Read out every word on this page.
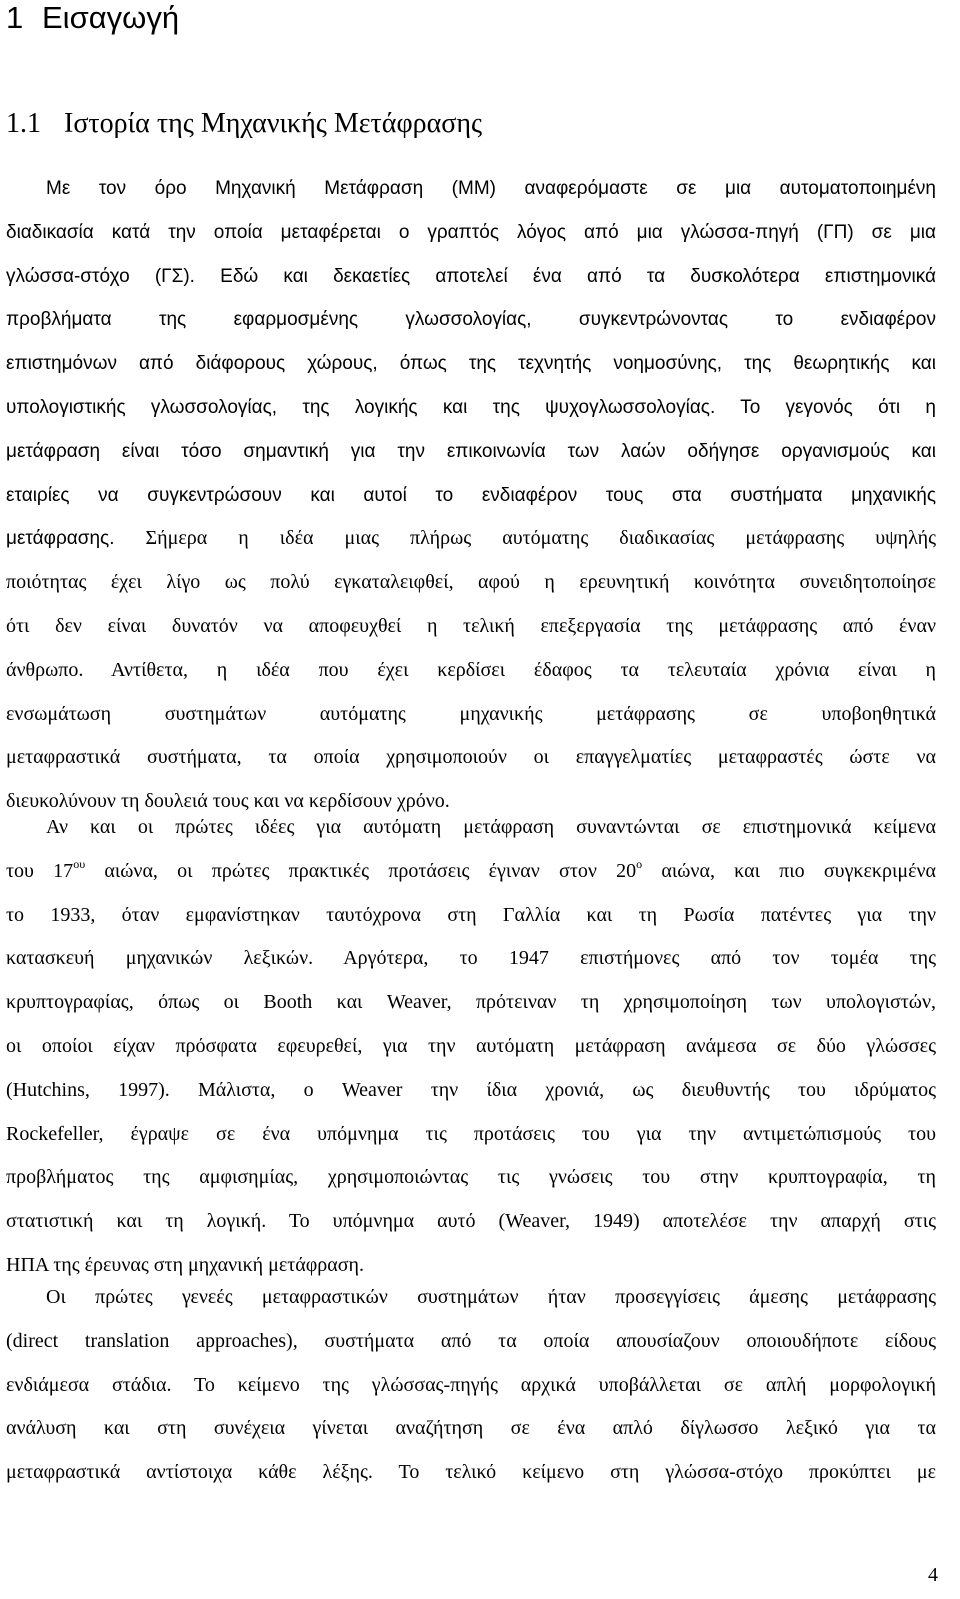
1 Εισαγωγή
1.1 Ιστορία της Μηχανικής Μετάφρασης
Με τον όρο Μηχανική Μετάφραση (ΜΜ) αναφερόμαστε σε μια αυτοματοποιημένη
διαδικασία κατά την οποία μεταφέρεται ο γραπτός λόγος από μια γλώσσα-πηγή (ΓΠ) σε μια
γλώσσα-στόχο (ΓΣ). Εδώ και δεκαετίες αποτελεί ένα από τα δυσκολότερα επιστημονικά
προβλήματα της εφαρμοσμένης γλωσσολογίας, συγκεντρώνοντας το ενδιαφέρον
επιστημόνων από διάφορους χώρους, όπως της τεχνητής νοημοσύνης, της θεωρητικής και
υπολογιστικής γλωσσολογίας, της λογικής και της ψυχογλωσσολογίας. Το γεγονός ότι η
μετάφραση είναι τόσο σημαντική για την επικοινωνία των λαών οδήγησε οργανισμούς και
εταιρίες να συγκεντρώσουν και αυτοί το ενδιαφέρον τους στα συστήματα μηχανικής
μετάφρασης. Σήμερα η ιδέα μιας πλήρως αυτόματης διαδικασίας μετάφρασης υψηλής
ποιότητας έχει λίγο ως πολύ εγκαταλειφθεί, αφού η ερευνητική κοινότητα συνειδητοποίησε
ότι δεν είναι δυνατόν να αποφευχθεί η τελική επεξεργασία της μετάφρασης από έναν
άνθρωπο. Αντίθετα, η ιδέα που έχει κερδίσει έδαφος τα τελευταία χρόνια είναι η
ενσωμάτωση συστημάτων αυτόματης μηχανικής μετάφρασης σε υποβοηθητικά
μεταφραστικά συστήματα, τα οποία χρησιμοποιούν οι επαγγελματίες μεταφραστές ώστε να
διευκολύνουν τη δουλειά τους και να κερδίσουν χρόνο.
Αν και οι πρώτες ιδέες για αυτόματη μετάφραση συναντώνται σε επιστημονικά κείμενα
του $17^{o\upsilon}$ αιώνα, οι πρώτες πρακτικές προτάσεις έγιναν στον $20^o$ αιώνα, και πιο συγκεκριμένα
το 1933, όταν εμφανίστηκαν ταυτόχρονα στη Γαλλία και τη Ρωσία πατέντες για την
κατασκευή μηχανικών λεξικών. Αργότερα, το 1947 επιστήμονες από τον τομέα της
κρυπτογραφίας, όπως οι Booth και Weaver, πρότειναν τη χρησιμοποίηση των υπολογιστών,
οι οποίοι είχαν πρόσφατα εφευρεθεί, για την αυτόματη μετάφραση ανάμεσα σε δύο γλώσσες
(Hutchins, 1997). Μάλιστα, ο Weaver την ίδια χρονιά, ως διευθυντής του ιδρύματος
Rockefeller, έγραψε σε ένα υπόμνημα τις προτάσεις του για την αντιμετώπισμούς του
προβλήματος της αμφισημίας, χρησιμοποιώντας τις γνώσεις του στην κρυπτογραφία, τη
στατιστική και τη λογική. Το υπόμνημα αυτό (Weaver, 1949) αποτελέσε την απαρχή στις
ΗΠΑ της έρευνας στη μηχανική μετάφραση.
Οι πρώτες γενεές μεταφραστικών συστημάτων ήταν προσεγγίσεις άμεσης μετάφρασης
(direct translation approaches), συστήματα από τα οποία απουσίαζουν οποιουδήποτε είδους
ενδιάμεσα στάδια. Το κείμενο της γλώσσας-πηγής αρχικά υποβάλλεται σε απλή μορφολογική
ανάλυση και στη συνέχεια γίνεται αναζήτηση σε ένα απλό δίγλωσσο λεξικό για τα
μεταφραστικά αντίστοιχα κάθε λέξης. Το τελικό κείμενο στη γλώσσα-στόχο προκύπτει με
4
